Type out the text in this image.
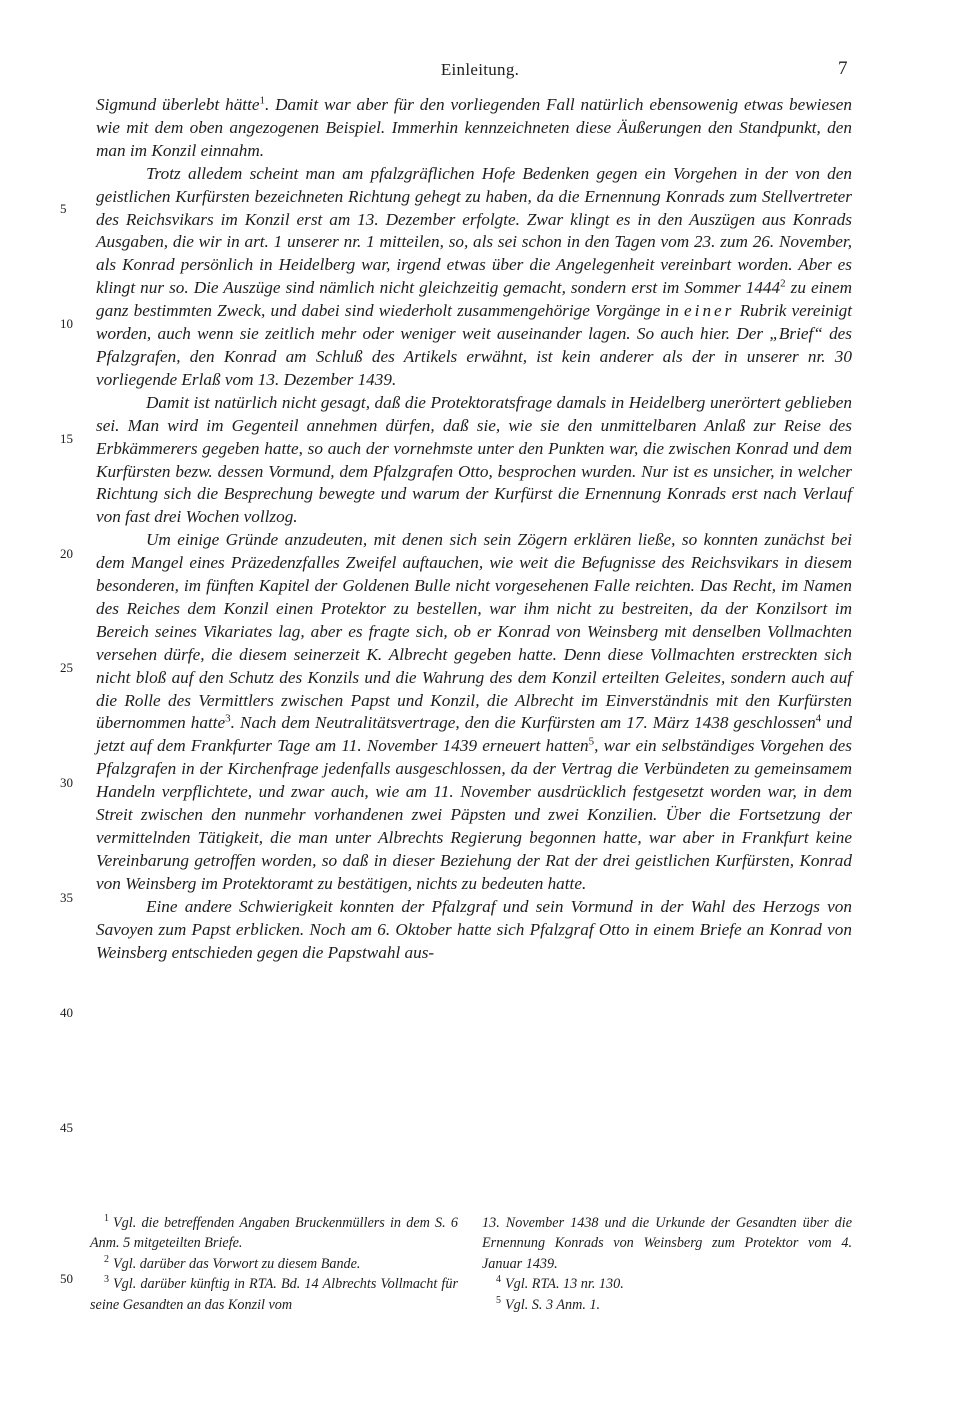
Einleitung.	7

Sigmund überlebt hätte$^1$. Damit war aber für den vorliegenden Fall natürlich ebensowenig etwas bewiesen wie mit dem oben angezogenen Beispiel. Immerhin kennzeichneten diese Äußerungen den Standpunkt, den man im Konzil einnahm.

Trotz alledem scheint man am pfalzgräflichen Hofe Bedenken gegen ein Vorgehen in der von den geistlichen Kurfürsten bezeichneten Richtung gehegt zu haben, da die Ernennung Konrads zum Stellvertreter des Reichsvikars im Konzil erst am 13. Dezember erfolgte. Zwar klingt es in den Auszügen aus Konrads Ausgaben, die wir in art. 1 unserer nr. 1 mitteilen, so, als sei schon in den Tagen vom 23. zum 26. November, als Konrad persönlich in Heidelberg war, irgend etwas über die Angelegenheit vereinbart worden. Aber es klingt nur so. Die Auszüge sind nämlich nicht gleichzeitig gemacht, sondern erst im Sommer 1444$^2$ zu einem ganz bestimmten Zweck, und dabei sind wiederholt zusammengehörige Vorgänge in einer Rubrik vereinigt worden, auch wenn sie zeitlich mehr oder weniger weit auseinander lagen. So auch hier. Der „Brief“ des Pfalzgrafen, den Konrad am Schluß des Artikels erwähnt, ist kein anderer als der in unserer nr. 30 vorliegende Erlaß vom 13. Dezember 1439.

Damit ist natürlich nicht gesagt, daß die Protektoratsfrage damals in Heidelberg unerörtert geblieben sei. Man wird im Gegenteil annehmen dürfen, daß sie, wie sie den unmittelbaren Anlaß zur Reise des Erbkämmerers gegeben hatte, so auch der vornehmste unter den Punkten war, die zwischen Konrad und dem Kurfürsten bezw. dessen Vormund, dem Pfalzgrafen Otto, besprochen wurden. Nur ist es unsicher, in welcher Richtung sich die Besprechung bewegte und warum der Kurfürst die Ernennung Konrads erst nach Verlauf von fast drei Wochen vollzog.

Um einige Gründe anzudeuten, mit denen sich sein Zögern erklären ließe, so konnten zunächst bei dem Mangel eines Präzedenzfalles Zweifel auftauchen, wie weit die Befugnisse des Reichsvikars in diesem besonderen, im fünften Kapitel der Goldenen Bulle nicht vorgesehenen Falle reichten. Das Recht, im Namen des Reiches dem Konzil einen Protektor zu bestellen, war ihm nicht zu bestreiten, da der Konzilsort im Bereich seines Vikariates lag, aber es fragte sich, ob er Konrad von Weinsberg mit denselben Vollmachten versehen dürfe, die diesem seinerzeit K. Albrecht gegeben hatte. Denn diese Vollmachten erstreckten sich nicht bloß auf den Schutz des Konzils und die Wahrung des dem Konzil erteilten Geleites, sondern auch auf die Rolle des Vermittlers zwischen Papst und Konzil, die Albrecht im Einverständnis mit den Kurfürsten übernommen hatte$^3$. Nach dem Neutralitätsvertrage, den die Kurfürsten am 17. März 1438 geschlossen$^4$ und jetzt auf dem Frankfurter Tage am 11. November 1439 erneuert hatten$^5$, war ein selbständiges Vorgehen des Pfalzgrafen in der Kirchenfrage jedenfalls ausgeschlossen, da der Vertrag die Verbündeten zu gemeinsamem Handeln verpflichtete, und zwar auch, wie am 11. November ausdrücklich festgesetzt worden war, in dem Streit zwischen den nunmehr vorhandenen zwei Päpsten und zwei Konzilien. Über die Fortsetzung der vermittelnden Tätigkeit, die man unter Albrechts Regierung begonnen hatte, war aber in Frankfurt keine Vereinbarung getroffen worden, so daß in dieser Beziehung der Rat der drei geistlichen Kurfürsten, Konrad von Weinsberg im Protektoramt zu bestätigen, nichts zu bedeuten hatte.

Eine andere Schwierigkeit konnten der Pfalzgraf und sein Vormund in der Wahl des Herzogs von Savoyen zum Papst erblicken. Noch am 6. Oktober hatte sich Pfalzgraf Otto in einem Briefe an Konrad von Weinsberg entschieden gegen die Papstwahl aus-

5
10
15
20
25
30
35
40
45
50

$^1$ Vgl. die betreffenden Angaben Bruckenmüllers in dem S. 6 Anm. 5 mitgeteilten Briefe.

$^2$ Vgl. darüber das Vorwort zu diesem Bande.

$^3$ Vgl. darüber künftig in RTA. Bd. 14 Albrechts Vollmacht für seine Gesandten an das Konzil vom

13. November 1438 und die Urkunde der Gesandten über die Ernennung Konrads von Weinsberg zum Protektor vom 4. Januar 1439.

$^4$ Vgl. RTA. 13 nr. 130.

$^5$ Vgl. S. 3 Anm. 1.
